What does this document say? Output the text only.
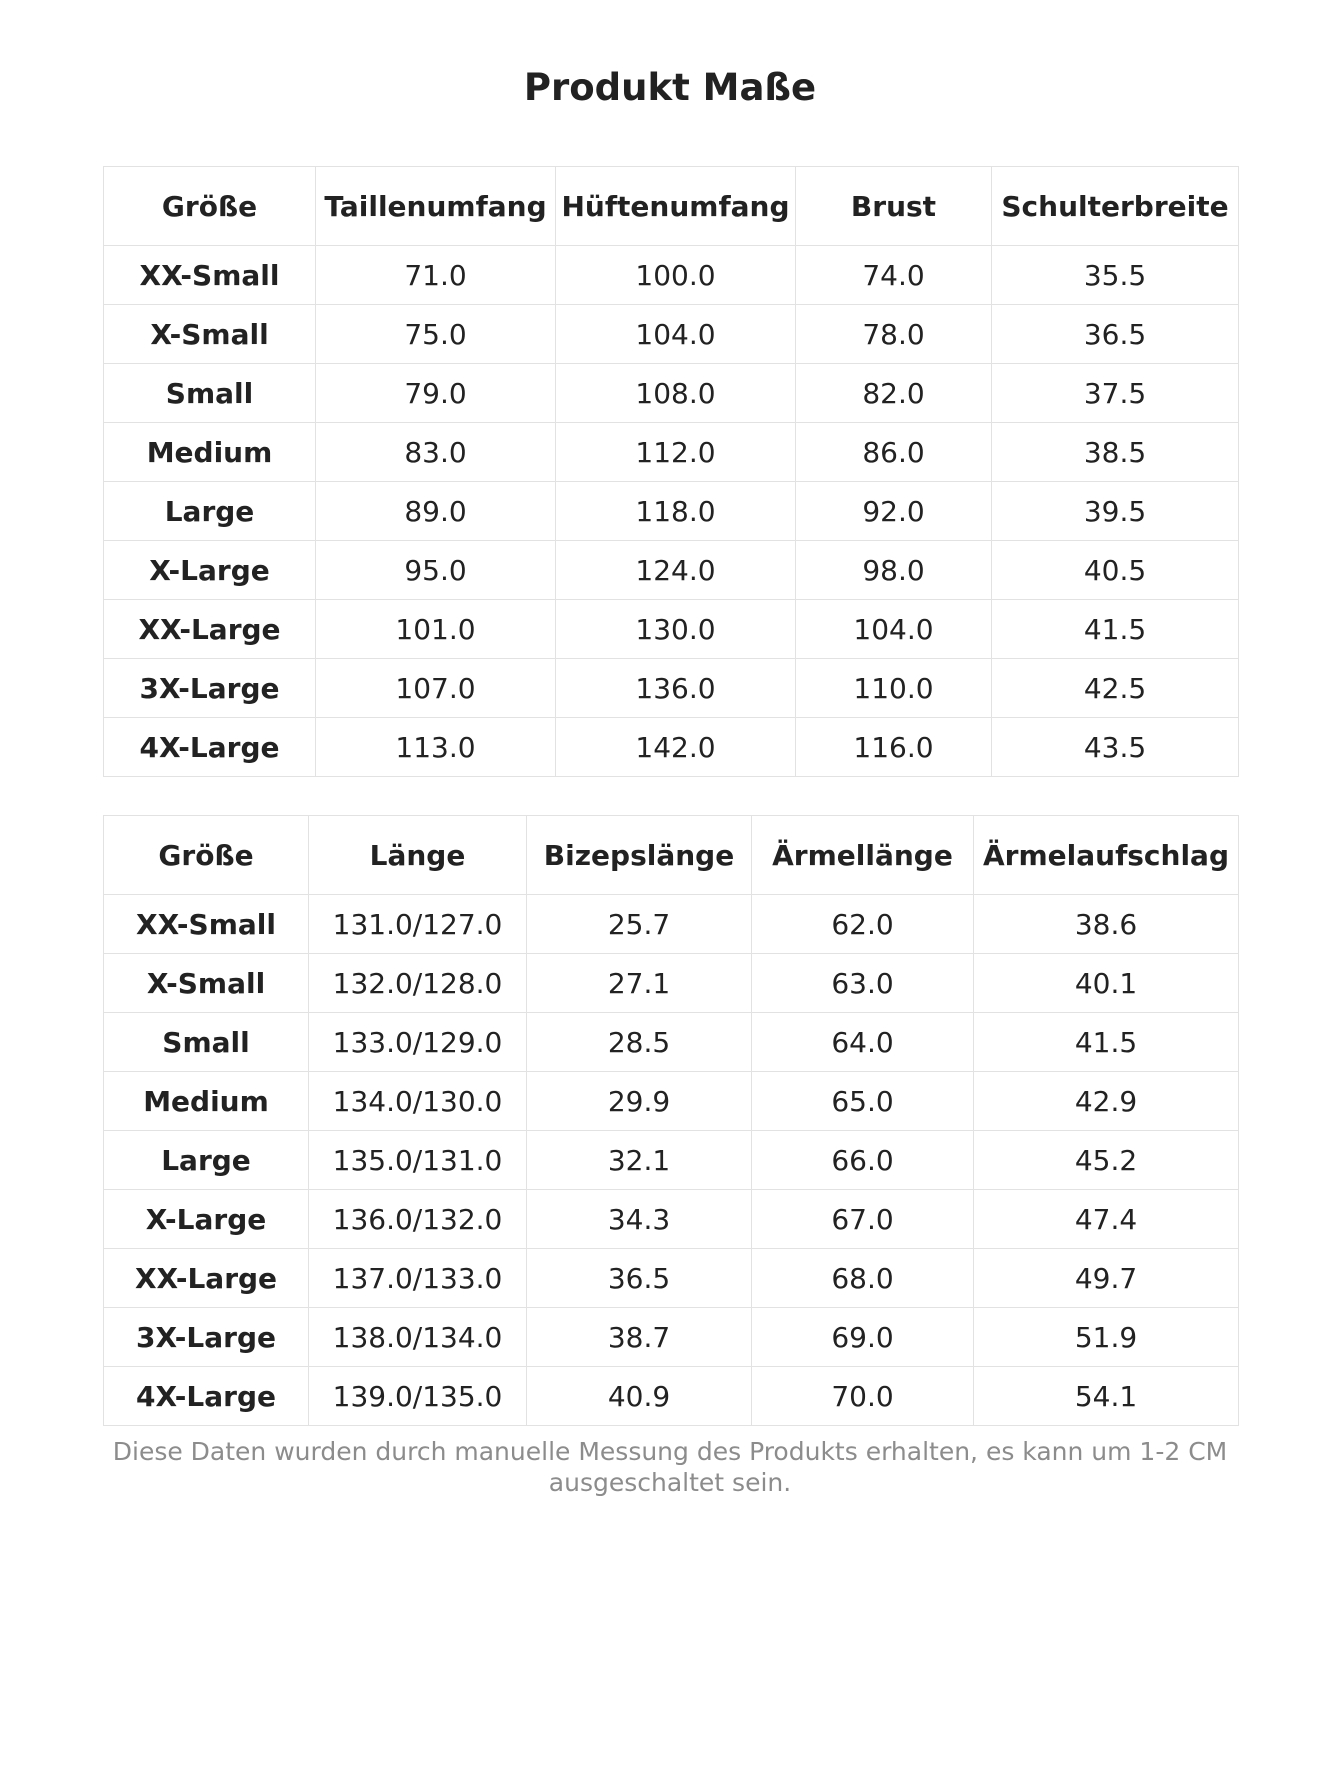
Produkt Maße
Größe	Taillenumfang	Hüftenumfang	Brust	Schulterbreite
XX-Small	71.0	100.0	74.0	35.5
X-Small	75.0	104.0	78.0	36.5
Small	79.0	108.0	82.0	37.5
Medium	83.0	112.0	86.0	38.5
Large	89.0	118.0	92.0	39.5
X-Large	95.0	124.0	98.0	40.5
XX-Large	101.0	130.0	104.0	41.5
3X-Large	107.0	136.0	110.0	42.5
4X-Large	113.0	142.0	116.0	43.5
Größe	Länge	Bizepslänge	Ärmellänge	Ärmelaufschlag
XX-Small	131.0/127.0	25.7	62.0	38.6
X-Small	132.0/128.0	27.1	63.0	40.1
Small	133.0/129.0	28.5	64.0	41.5
Medium	134.0/130.0	29.9	65.0	42.9
Large	135.0/131.0	32.1	66.0	45.2
X-Large	136.0/132.0	34.3	67.0	47.4
XX-Large	137.0/133.0	36.5	68.0	49.7
3X-Large	138.0/134.0	38.7	69.0	51.9
4X-Large	139.0/135.0	40.9	70.0	54.1

Diese Daten wurden durch manuelle Messung des Produkts erhalten, es kann um 1-2 CM ausgeschaltet sein.
